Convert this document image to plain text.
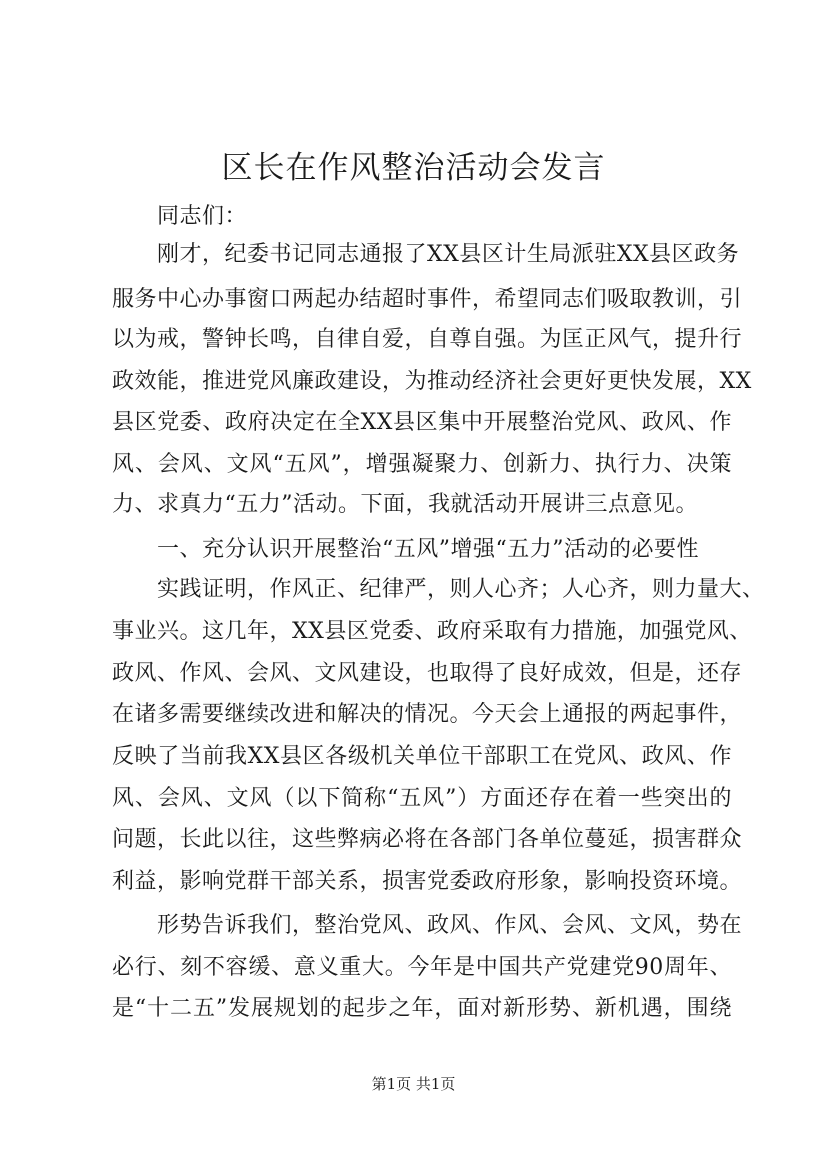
区长在作风整治活动会发言

同志们：

刚才，纪委书记同志通报了XX县区计生局派驻XX县区政务

服务中心办事窗口两起办结超时事件，希望同志们吸取教训，引

以为戒，警钟长鸣，自律自爱，自尊自强。为匡正风气，提升行

政效能，推进党风廉政建设，为推动经济社会更好更快发展，XX

县区党委、政府决定在全XX县区集中开展整治党风、政风、作

风、会风、文风“五风”，增强凝聚力、创新力、执行力、决策

力、求真力“五力”活动。下面，我就活动开展讲三点意见。

一、充分认识开展整治“五风”增强“五力”活动的必要性

实践证明，作风正、纪律严，则人心齐；人心齐，则力量大、

事业兴。这几年，XX县区党委、政府采取有力措施，加强党风、

政风、作风、会风、文风建设，也取得了良好成效，但是，还存

在诸多需要继续改进和解决的情况。今天会上通报的两起事件，

反映了当前我XX县区各级机关单位干部职工在党风、政风、作

风、会风、文风（以下简称“五风”）方面还存在着一些突出的

问题，长此以往，这些弊病必将在各部门各单位蔓延，损害群众

利益，影响党群干部关系，损害党委政府形象，影响投资环境。

形势告诉我们，整治党风、政风、作风、会风、文风，势在

必行、刻不容缓、意义重大。今年是中国共产党建党90周年、

是“十二五”发展规划的起步之年，面对新形势、新机遇，围绕

第1页 共1页
